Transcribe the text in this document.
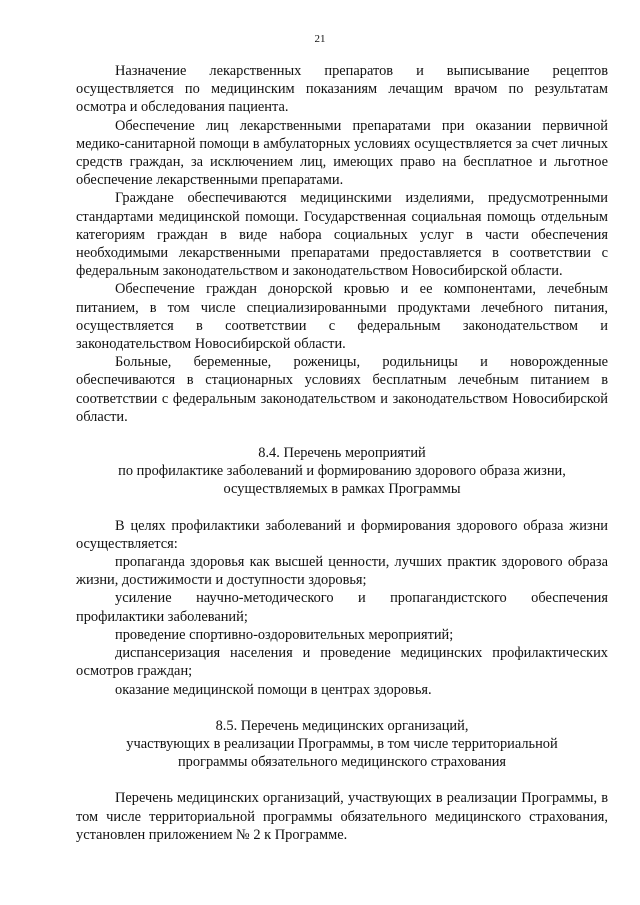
21

Назначение лекарственных препаратов и выписывание рецептов осуществляется по медицинским показаниям лечащим врачом по результатам осмотра и обследования пациента.

Обеспечение лиц лекарственными препаратами при оказании первичной медико-санитарной помощи в амбулаторных условиях осуществляется за счет личных средств граждан, за исключением лиц, имеющих право на бесплатное и льготное обеспечение лекарственными препаратами.

Граждане обеспечиваются медицинскими изделиями, предусмотренными стандартами медицинской помощи. Государственная социальная помощь отдельным категориям граждан в виде набора социальных услуг в части обеспечения необходимыми лекарственными препаратами предоставляется в соответствии с федеральным законодательством и законодательством Новосибирской области.

Обеспечение граждан донорской кровью и ее компонентами, лечебным питанием, в том числе специализированными продуктами лечебного питания, осуществляется в соответствии с федеральным законодательством и законодательством Новосибирской области.

Больные, беременные, роженицы, родильницы и новорожденные обеспечиваются в стационарных условиях бесплатным лечебным питанием в соответствии с федеральным законодательством и законодательством Новосибирской области.

8.4. Перечень мероприятий
по профилактике заболеваний и формированию здорового образа жизни,
осуществляемых в рамках Программы

В целях профилактики заболеваний и формирования здорового образа жизни осуществляется:

пропаганда здоровья как высшей ценности, лучших практик здорового образа жизни, достижимости и доступности здоровья;

усиление научно-методического и пропагандистского обеспечения профилактики заболеваний;

проведение спортивно-оздоровительных мероприятий;

диспансеризация населения и проведение медицинских профилактических осмотров граждан;

оказание медицинской помощи в центрах здоровья.

8.5. Перечень медицинских организаций,
участвующих в реализации Программы, в том числе территориальной
программы обязательного медицинского страхования

Перечень медицинских организаций, участвующих в реализации Программы, в том числе территориальной программы обязательного медицинского страхования, установлен приложением № 2 к Программе.
